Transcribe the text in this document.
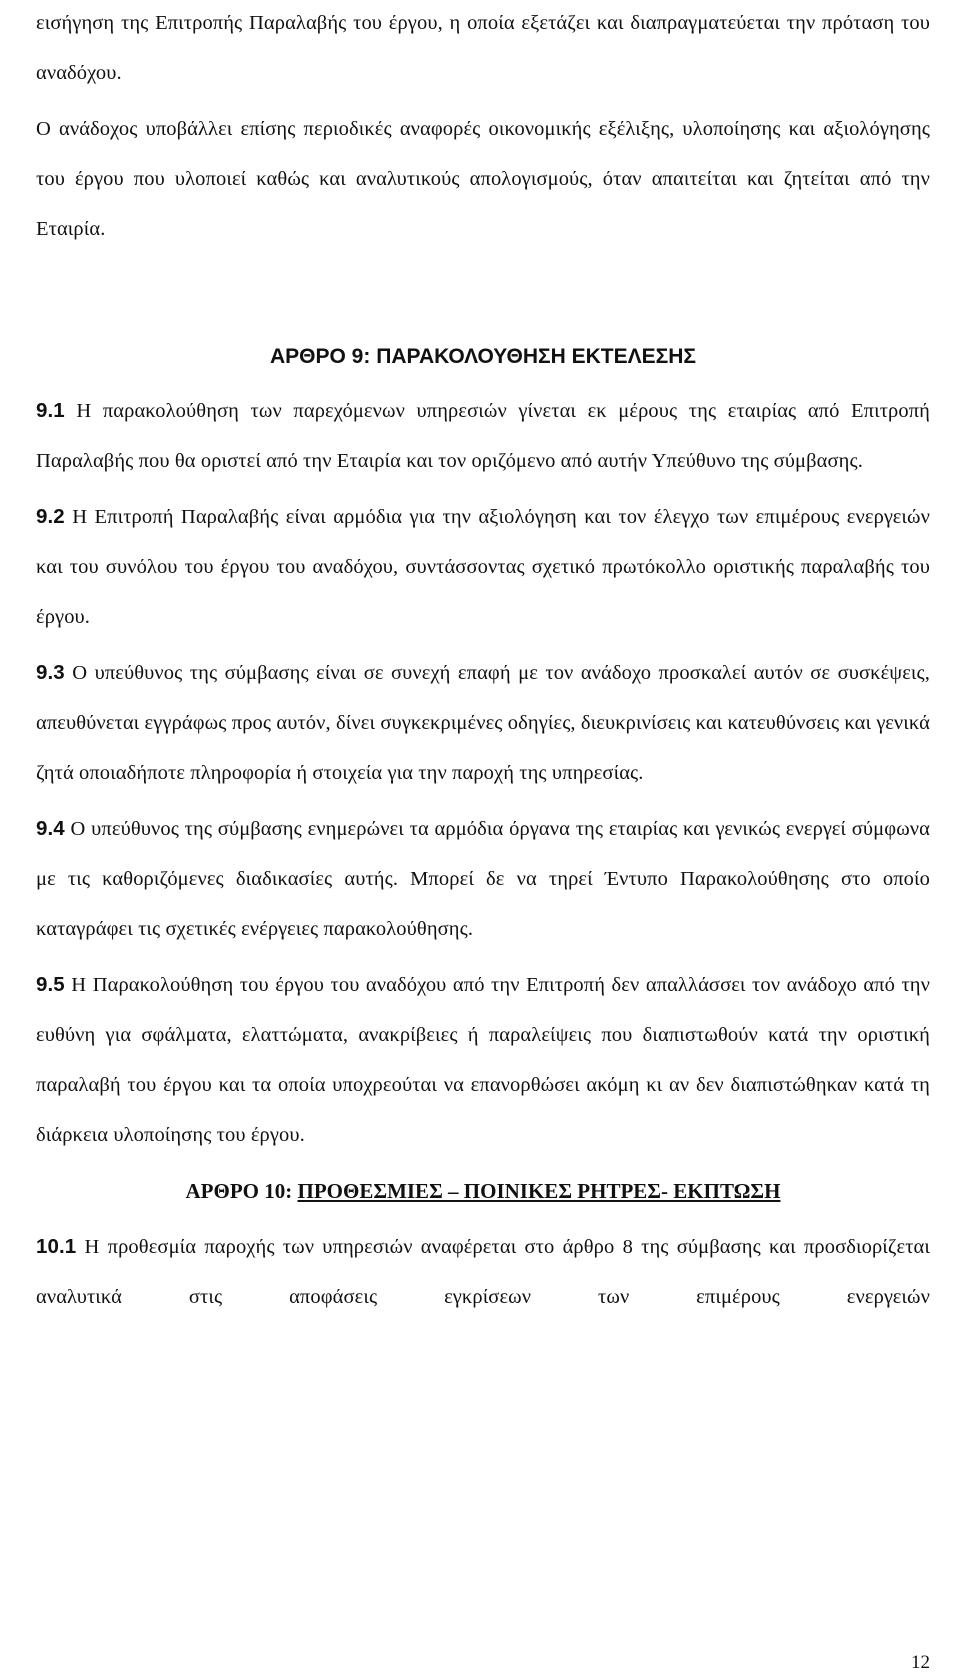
εισήγηση της Επιτροπής Παραλαβής του έργου, η οποία εξετάζει και διαπραγματεύεται την πρόταση του αναδόχου.

Ο ανάδοχος υποβάλλει επίσης περιοδικές αναφορές οικονομικής εξέλιξης, υλοποίησης και αξιολόγησης του έργου που υλοποιεί καθώς και αναλυτικούς απολογισμούς, όταν απαιτείται και ζητείται από την Εταιρία.

ΑΡΘΡΟ 9: ΠΑΡΑΚΟΛΟΥΘΗΣΗ ΕΚΤΕΛΕΣΗΣ

9.1 Η παρακολούθηση των παρεχόμενων υπηρεσιών γίνεται εκ μέρους της εταιρίας από Επιτροπή Παραλαβής που θα οριστεί από την Εταιρία και τον οριζόμενο από αυτήν Υπεύθυνο της σύμβασης.

9.2 Η Επιτροπή Παραλαβής είναι αρμόδια για την αξιολόγηση και τον έλεγχο των επιμέρους ενεργειών και του συνόλου του έργου του αναδόχου, συντάσσοντας σχετικό πρωτόκολλο οριστικής παραλαβής του έργου.

9.3 Ο υπεύθυνος της σύμβασης είναι σε συνεχή επαφή με τον ανάδοχο προσκαλεί αυτόν σε συσκέψεις, απευθύνεται εγγράφως προς αυτόν, δίνει συγκεκριμένες οδηγίες, διευκρινίσεις και κατευθύνσεις και γενικά ζητά οποιαδήποτε πληροφορία ή στοιχεία για την παροχή της υπηρεσίας.

9.4 Ο υπεύθυνος της σύμβασης ενημερώνει τα αρμόδια όργανα της εταιρίας και γενικώς ενεργεί σύμφωνα με τις καθοριζόμενες διαδικασίες αυτής. Μπορεί δε να τηρεί Έντυπο Παρακολούθησης στο οποίο καταγράφει τις σχετικές ενέργειες παρακολούθησης.

9.5 Η Παρακολούθηση του έργου του αναδόχου από την Επιτροπή δεν απαλλάσσει τον ανάδοχο από την ευθύνη για σφάλματα, ελαττώματα, ανακρίβειες ή παραλείψεις που διαπιστωθούν κατά την οριστική παραλαβή του έργου και τα οποία υποχρεούται να επανορθώσει ακόμη κι αν δεν διαπιστώθηκαν κατά τη διάρκεια υλοποίησης του έργου.

ΑΡΘΡΟ 10: ΠΡΟΘΕΣΜΙΕΣ – ΠΟΙΝΙΚΕΣ ΡΗΤΡΕΣ- ΕΚΠΤΩΣΗ

10.1 Η προθεσμία παροχής των υπηρεσιών αναφέρεται στο άρθρο 8 της σύμβασης και προσδιορίζεται αναλυτικά στις αποφάσεις εγκρίσεων των επιμέρους ενεργειών

12
